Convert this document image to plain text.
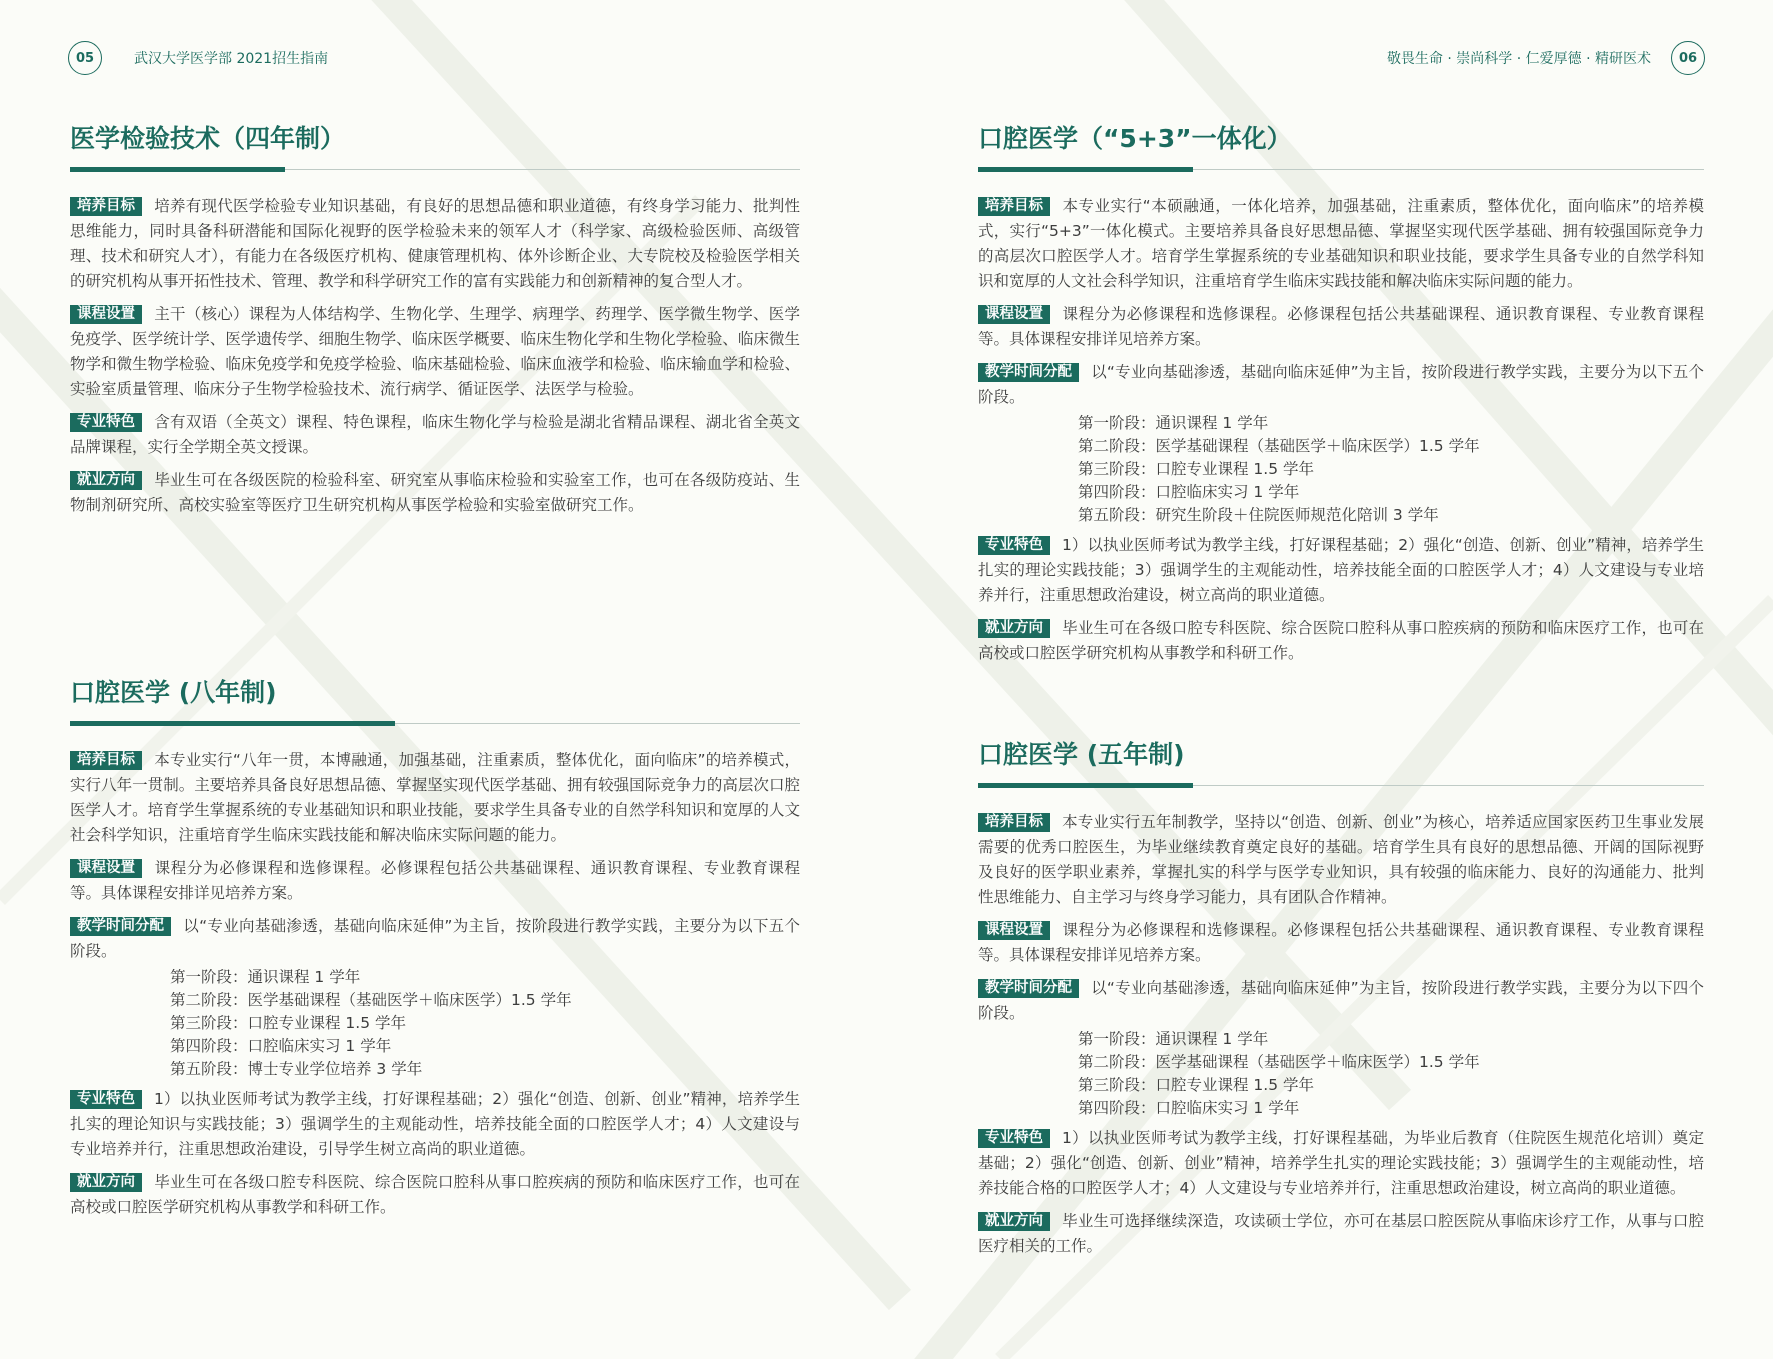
05	武汉大学医学部 2021招生指南	敬畏生命 · 崇尚科学 · 仁爱厚德 · 精研医术	06
医学检验技术（四年制）
培养目标 培养有现代医学检验专业知识基础，有良好的思想品德和职业道德，有终身学习能力、批判性思维能力，同时具备科研潜能和国际化视野的医学检验未来的领军人才（科学家、高级检验医师、高级管理、技术和研究人才），有能力在各级医疗机构、健康管理机构、体外诊断企业、大专院校及检验医学相关的研究机构从事开拓性技术、管理、教学和科学研究工作的富有实践能力和创新精神的复合型人才。
课程设置 主干（核心）课程为人体结构学、生物化学、生理学、病理学、药理学、医学微生物学、医学免疫学、医学统计学、医学遗传学、细胞生物学、临床医学概要、临床生物化学和生物化学检验、临床微生物学和微生物学检验、临床免疫学和免疫学检验、临床基础检验、临床血液学和检验、临床输血学和检验、实验室质量管理、临床分子生物学检验技术、流行病学、循证医学、法医学与检验。
专业特色 含有双语（全英文）课程、特色课程，临床生物化学与检验是湖北省精品课程、湖北省全英文品牌课程，实行全学期全英文授课。
就业方向 毕业生可在各级医院的检验科室、研究室从事临床检验和实验室工作，也可在各级防疫站、生物制剂研究所、高校实验室等医疗卫生研究机构从事医学检验和实验室做研究工作。
口腔医学 (八年制)
培养目标 本专业实行“八年一贯，本博融通，加强基础，注重素质，整体优化，面向临床”的培养模式，实行八年一贯制。主要培养具备良好思想品德、掌握坚实现代医学基础、拥有较强国际竞争力的高层次口腔医学人才。培育学生掌握系统的专业基础知识和职业技能，要求学生具备专业的自然学科知识和宽厚的人文社会科学知识，注重培育学生临床实践技能和解决临床实际问题的能力。
课程设置 课程分为必修课程和选修课程。必修课程包括公共基础课程、通识教育课程、专业教育课程等。具体课程安排详见培养方案。
教学时间分配 以“专业向基础渗透，基础向临床延伸”为主旨，按阶段进行教学实践，主要分为以下五个阶段。
第一阶段：通识课程 1 学年
第二阶段：医学基础课程（基础医学＋临床医学）1.5 学年
第三阶段：口腔专业课程 1.5 学年
第四阶段：口腔临床实习 1 学年
第五阶段：博士专业学位培养 3 学年
专业特色 1）以执业医师考试为教学主线，打好课程基础；2）强化“创造、创新、创业”精神，培养学生扎实的理论知识与实践技能；3）强调学生的主观能动性，培养技能全面的口腔医学人才；4）人文建设与专业培养并行，注重思想政治建设，引导学生树立高尚的职业道德。
就业方向 毕业生可在各级口腔专科医院、综合医院口腔科从事口腔疾病的预防和临床医疗工作，也可在高校或口腔医学研究机构从事教学和科研工作。
口腔医学（“5+3”一体化）
培养目标 本专业实行“本硕融通，一体化培养，加强基础，注重素质，整体优化，面向临床”的培养模式，实行“5+3”一体化模式。主要培养具备良好思想品德、掌握坚实现代医学基础、拥有较强国际竞争力的高层次口腔医学人才。培育学生掌握系统的专业基础知识和职业技能，要求学生具备专业的自然学科知识和宽厚的人文社会科学知识，注重培育学生临床实践技能和解决临床实际问题的能力。
课程设置 课程分为必修课程和选修课程。必修课程包括公共基础课程、通识教育课程、专业教育课程等。具体课程安排详见培养方案。
教学时间分配 以“专业向基础渗透，基础向临床延伸”为主旨，按阶段进行教学实践，主要分为以下五个阶段。
第一阶段：通识课程 1 学年
第二阶段：医学基础课程（基础医学＋临床医学）1.5 学年
第三阶段：口腔专业课程 1.5 学年
第四阶段：口腔临床实习 1 学年
第五阶段：研究生阶段＋住院医师规范化陪训 3 学年
专业特色 1）以执业医师考试为教学主线，打好课程基础；2）强化“创造、创新、创业”精神，培养学生扎实的理论实践技能；3）强调学生的主观能动性，培养技能全面的口腔医学人才；4）人文建设与专业培养并行，注重思想政治建设，树立高尚的职业道德。
就业方向 毕业生可在各级口腔专科医院、综合医院口腔科从事口腔疾病的预防和临床医疗工作，也可在高校或口腔医学研究机构从事教学和科研工作。
口腔医学 (五年制)
培养目标 本专业实行五年制教学，坚持以“创造、创新、创业”为核心，培养适应国家医药卫生事业发展需要的优秀口腔医生，为毕业继续教育奠定良好的基础。培育学生具有良好的思想品德、开阔的国际视野及良好的医学职业素养，掌握扎实的科学与医学专业知识，具有较强的临床能力、良好的沟通能力、批判性思维能力、自主学习与终身学习能力，具有团队合作精神。
课程设置 课程分为必修课程和选修课程。必修课程包括公共基础课程、通识教育课程、专业教育课程等。具体课程安排详见培养方案。
教学时间分配 以“专业向基础渗透，基础向临床延伸”为主旨，按阶段进行教学实践，主要分为以下四个阶段。
第一阶段：通识课程 1 学年
第二阶段：医学基础课程（基础医学＋临床医学）1.5 学年
第三阶段：口腔专业课程 1.5 学年
第四阶段：口腔临床实习 1 学年
专业特色 1）以执业医师考试为教学主线，打好课程基础，为毕业后教育（住院医生规范化培训）奠定基础；2）强化“创造、创新、创业”精神，培养学生扎实的理论实践技能；3）强调学生的主观能动性，培养技能合格的口腔医学人才；4）人文建设与专业培养并行，注重思想政治建设，树立高尚的职业道德。
就业方向 毕业生可选择继续深造，攻读硕士学位，亦可在基层口腔医院从事临床诊疗工作，从事与口腔医疗相关的工作。
